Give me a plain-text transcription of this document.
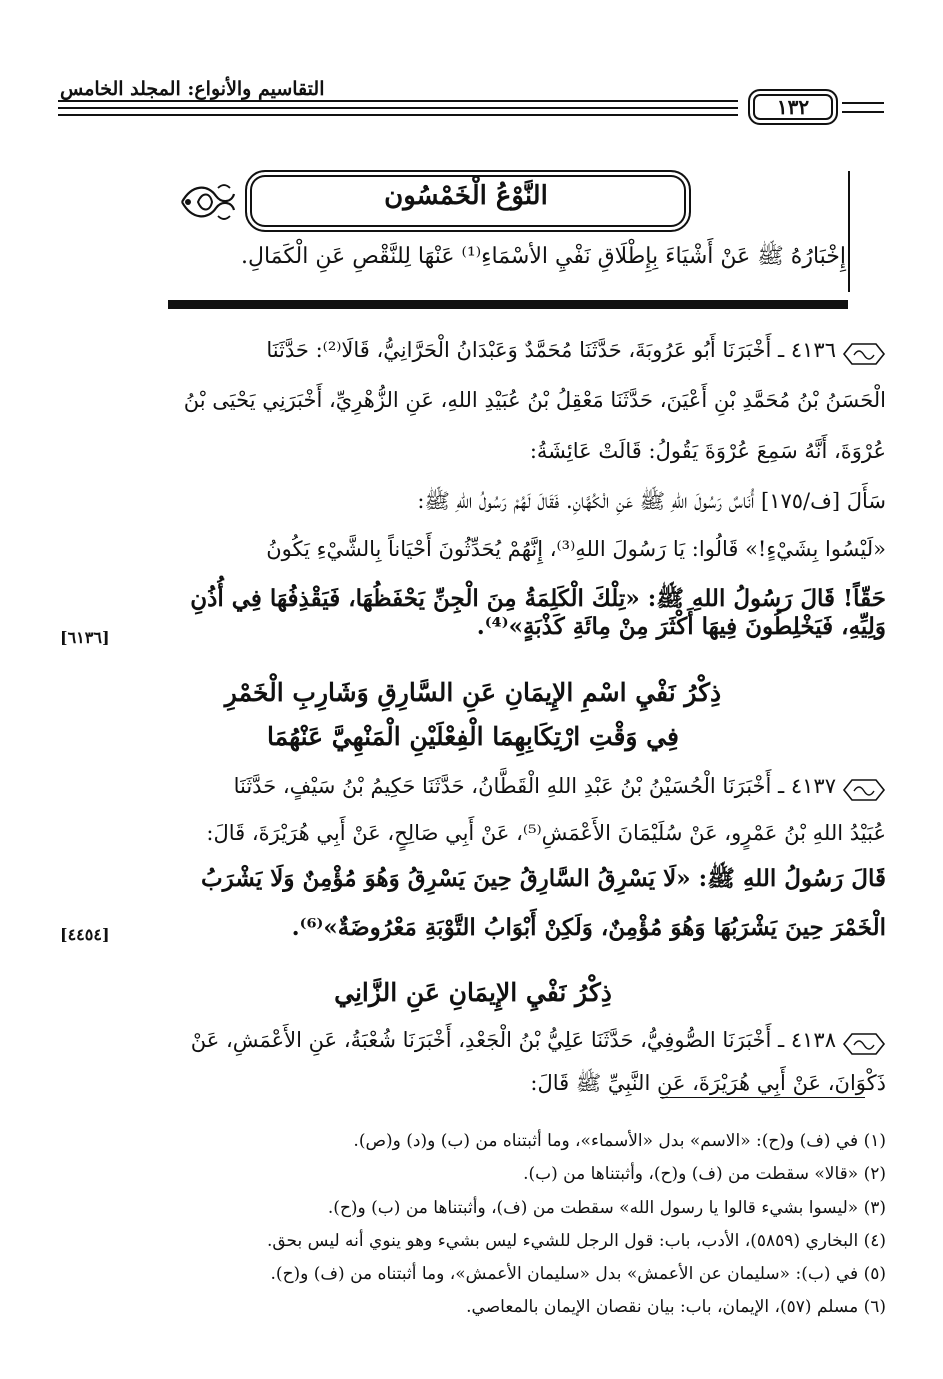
التقاسيم والأنواع: المجلد الخامس
١٣٢
النَّوْعُ الْخَمْسُون
إِخْبَارُهُ ﷺ عَنْ أَشْيَاءَ بِإِطْلَاقِ نَفْيِ الأسْمَاءِ⁽¹⁾ عَنْهَا لِلنَّقْصِ عَنِ الْكَمَالِ.
٤١٣٦ ـ أَخْبَرَنَا أَبُو عَرُوبَةَ، حَدَّثَنَا مُحَمَّدٌ وَعَبْدَانُ الْحَرَّانِيُّ، قَالَا⁽²⁾: حَدَّثَنَا
الْحَسَنُ بْنُ مُحَمَّدِ بْنِ أَعْيَنَ، حَدَّثَنَا مَعْقِلُ بْنُ عُبَيْدِ اللهِ، عَنِ الزُّهْرِيِّ، أَخْبَرَنِي يَحْيَى بْنُ
عُرْوَةَ، أَنَّهُ سَمِعَ عُرْوَةَ يَقُولُ: قَالَتْ عَائِشَةُ:
سَأَلَ [ف/١٧٥] أُنَاسٌ رَسُولَ اللهِ ﷺ عَنِ الْكُهَّانِ. فَقَالَ لَهُمْ رَسُولُ اللهِ ﷺ:
«لَيْسُوا بِشَيْءٍ!» قَالُوا: يَا رَسُولَ اللهِ⁽³⁾، إِنَّهُمْ يُحَدِّثُونَ أَحْيَاناً بِالشَّيْءِ يَكُونُ
حَقّاً! قَالَ رَسُولُ اللهِ ﷺ: «تِلْكَ الْكَلِمَةُ مِنَ الْجِنِّ يَحْفَظُهَا، فَيَقْذِفُهَا فِي أُذُنِ
وَلِيِّهِ، فَيَخْلِطُونَ فِيهَا أَكْثَرَ مِنْ مِائَةِ كَذْبَةٍ»⁽⁴⁾.
[٦١٣٦]
ذِكْرُ نَفْيِ اسْمِ الإِيمَانِ عَنِ السَّارِقِ وَشَارِبِ الْخَمْرِ
فِي وَقْتِ ارْتِكَابِهِمَا الْفِعْلَيْنِ الْمَنْهِيَّ عَنْهُمَا
٤١٣٧ ـ أَخْبَرَنَا الْحُسَيْنُ بْنُ عَبْدِ اللهِ الْقَطَّانُ، حَدَّثَنَا حَكِيمُ بْنُ سَيْفٍ، حَدَّثَنَا
عُبَيْدُ اللهِ بْنُ عَمْرٍو، عَنْ سُلَيْمَانَ الأَعْمَشِ⁽⁵⁾، عَنْ أَبِي صَالِحٍ، عَنْ أَبِي هُرَيْرَةَ، قَالَ:
قَالَ رَسُولُ اللهِ ﷺ: «لَا يَسْرِقُ السَّارِقُ حِينَ يَسْرِقُ وَهُوَ مُؤْمِنٌ وَلَا يَشْرَبُ
الْخَمْرَ حِينَ يَشْرَبُهَا وَهُوَ مُؤْمِنٌ، وَلَكِنْ أَبْوَابُ التَّوْبَةِ مَعْرُوضَةٌ»⁽⁶⁾.
[٤٤٥٤]
ذِكْرُ نَفْيِ الإِيمَانِ عَنِ الزَّانِي
٤١٣٨ ـ أَخْبَرَنَا الصُّوفِيُّ، حَدَّثَنَا عَلِيُّ بْنُ الْجَعْدِ، أَخْبَرَنَا شُعْبَةُ، عَنِ الأَعْمَشِ، عَنْ
ذَكْوَانَ، عَنْ أَبِي هُرَيْرَةَ، عَنِ النَّبِيِّ ﷺ قَالَ:
(١) في (ف) و(ح): «الاسم» بدل «الأسماء»، وما أثبتناه من (ب) و(د) و(ص).
(٢) «قالا» سقطت من (ف) و(ح)، وأثبتناها من (ب).
(٣) «ليسوا بشيء قالوا يا رسول الله» سقطت من (ف)، وأثبتناها من (ب) و(ح).
(٤) البخاري (٥٨٥٩)، الأدب، باب: قول الرجل للشيء ليس بشيء وهو ينوي أنه ليس بحق.
(٥) في (ب): «سليمان عن الأعمش» بدل «سليمان الأعمش»، وما أثبتناه من (ف) و(ح).
(٦) مسلم (٥٧)، الإيمان، باب: بيان نقصان الإيمان بالمعاصي.
